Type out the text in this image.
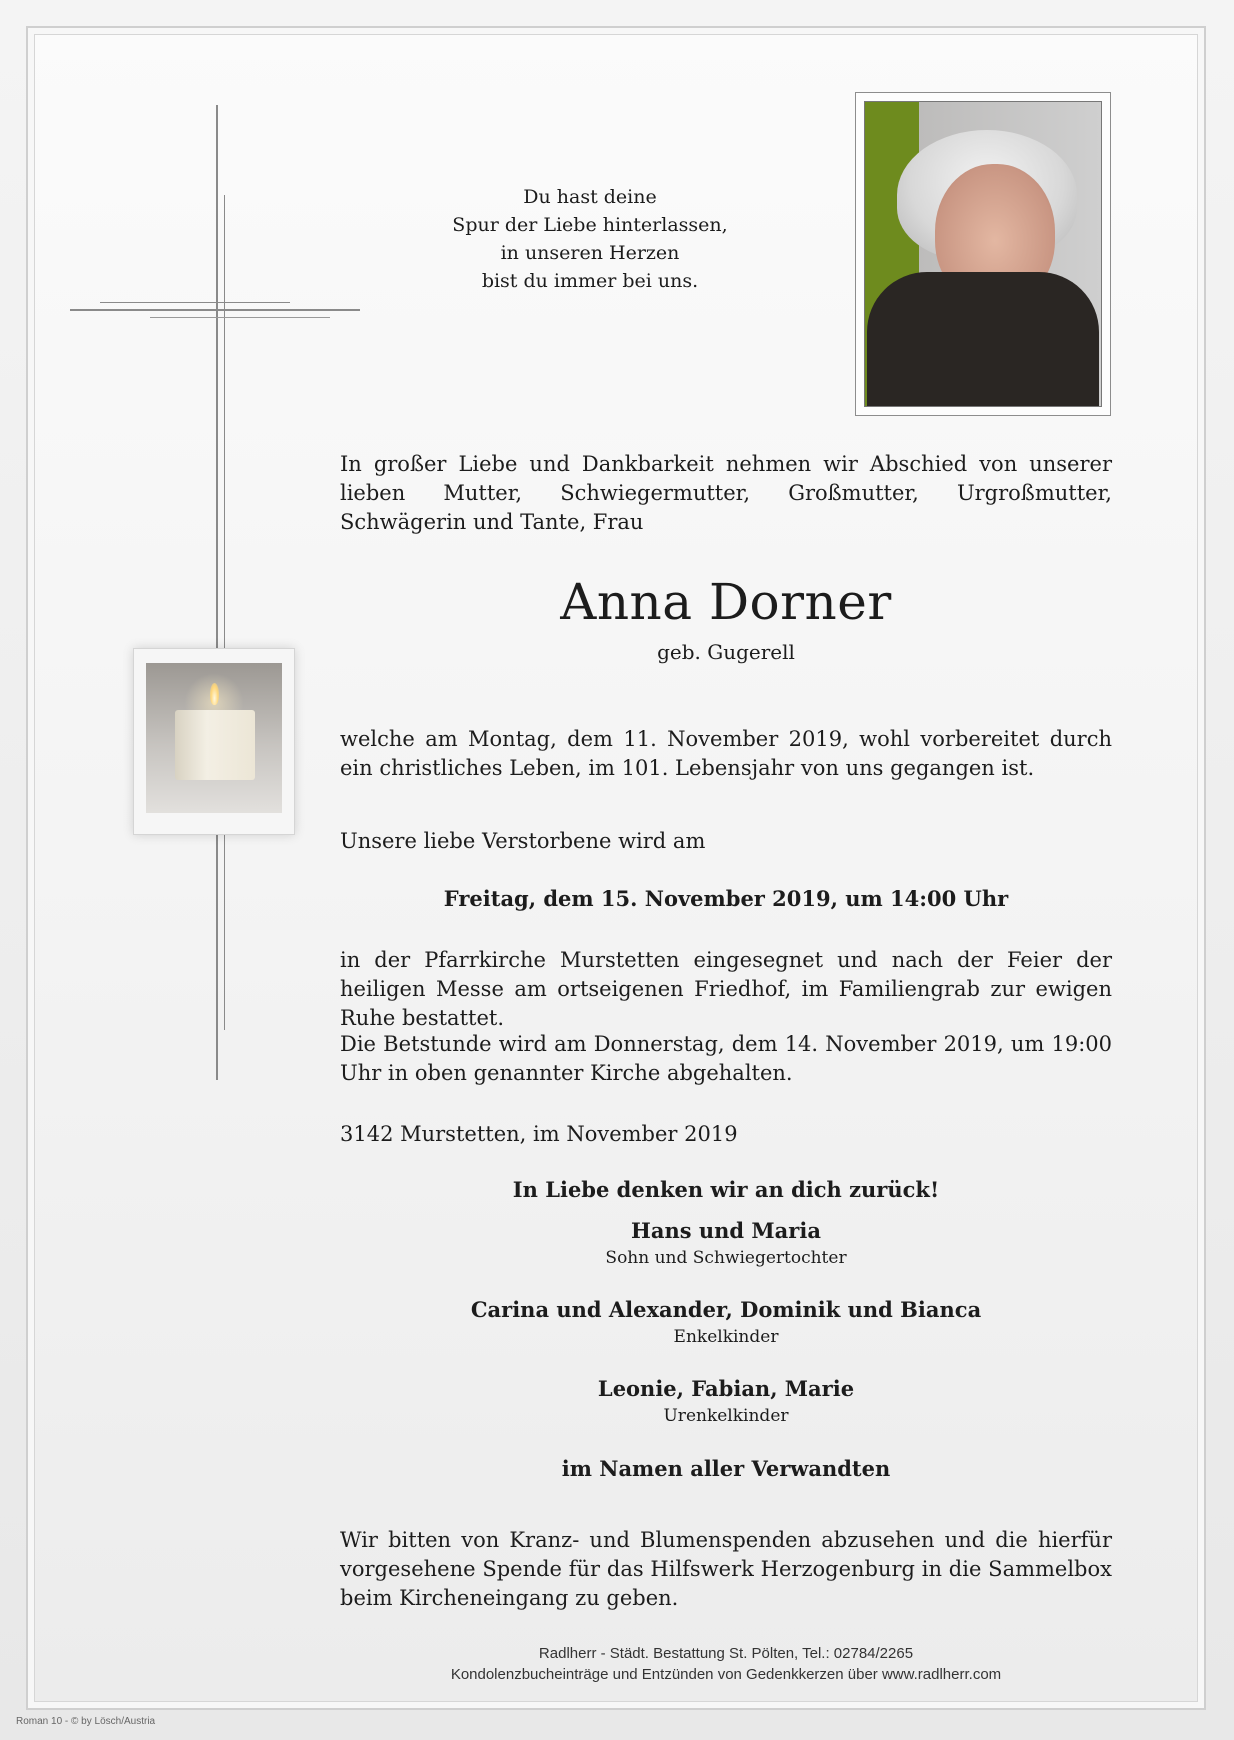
Du hast deine
Spur der Liebe hinterlassen,
in unseren Herzen
bist du immer bei uns.
In großer Liebe und Dankbarkeit nehmen wir Abschied von unserer lieben Mutter, Schwiegermutter, Großmutter, Urgroßmutter, Schwägerin und Tante, Frau
Anna Dorner
geb. Gugerell
welche am Montag, dem 11. November 2019, wohl vorbereitet durch ein christliches Leben, im 101. Lebensjahr von uns gegangen ist.
Unsere liebe Verstorbene wird am
Freitag, dem 15. November 2019, um 14:00 Uhr
in der Pfarrkirche Murstetten eingesegnet und nach der Feier der heiligen Messe am ortseigenen Friedhof, im Familiengrab zur ewigen Ruhe bestattet.
Die Betstunde wird am Donnerstag, dem 14. November 2019, um 19:00 Uhr in oben genannter Kirche abgehalten.
3142 Murstetten, im November 2019
In Liebe denken wir an dich zurück!
Hans und Maria
Sohn und Schwiegertochter
Carina und Alexander, Dominik und Bianca
Enkelkinder
Leonie, Fabian, Marie
Urenkelkinder
im Namen aller Verwandten
Wir bitten von Kranz- und Blumenspenden abzusehen und die hierfür vorgesehene Spende für das Hilfswerk Herzogenburg in die Sammelbox beim Kircheneingang zu geben.
Radlherr - Städt. Bestattung St. Pölten, Tel.: 02784/2265
Kondolenzbucheinträge und Entzünden von Gedenkkerzen über www.radlherr.com
Roman 10 - © by Lösch/Austria
